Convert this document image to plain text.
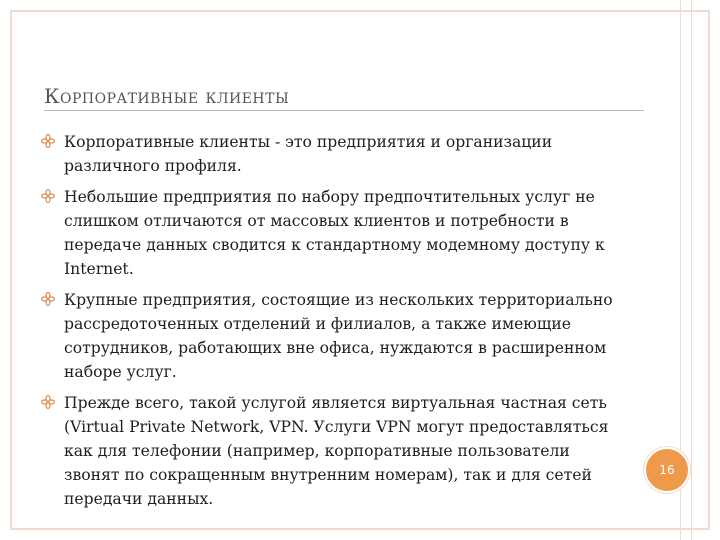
Корпоративные клиенты
Корпоративные клиенты - это предприятия и организации различного профиля.
Небольшие предприятия по набору предпочтительных услуг не слишком отличаются от массовых клиентов и потребности в передаче данных сводится к стандартному модемному доступу к Internet.
Крупные предприятия, состоящие из нескольких территориально рассредоточенных отделений и филиалов, а также имеющие сотрудников, работающих вне офиса, нуждаются в расширенном наборе услуг.
Прежде всего, такой услугой является виртуальная частная сеть (Virtual Private Network, VPN. Услуги VPN могут предоставляться как для телефонии (например, корпоративные пользователи звонят по сокращенным внутренним номерам), так и для сетей передачи данных.
16
